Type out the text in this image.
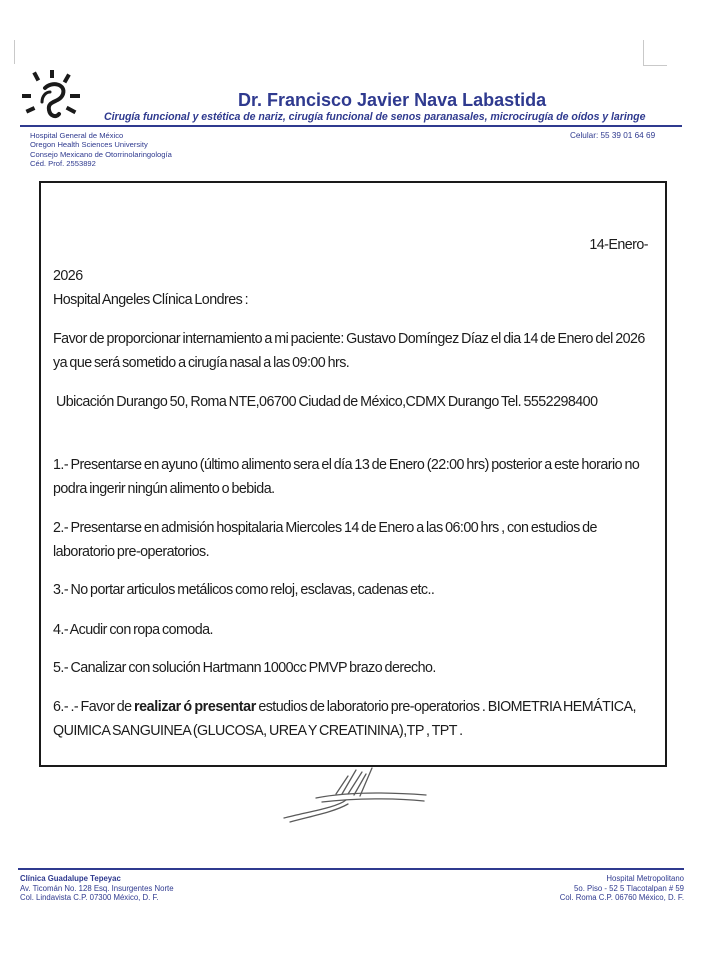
Dr. Francisco Javier Nava Labastida
Cirugía funcional y estética de nariz, cirugía funcional de senos paranasales, microcirugía de oídos y laringe
Hospital General de México
Oregon Health Sciences University
Consejo Mexicano de Otorrinolaringología
Céd. Prof. 2553892
Celular: 55 39 01 64 69
14-Enero-
2026
Hospital Angeles Clínica Londres :
Favor de proporcionar internamiento a mi paciente: Gustavo Domíngez Díaz el dia 14 de Enero del 2026 ya que será sometido a cirugía nasal a las 09:00 hrs.
Ubicación Durango 50, Roma NTE,06700 Ciudad de México,CDMX Durango Tel. 5552298400
1.- Presentarse en ayuno (último alimento sera el día 13 de Enero (22:00 hrs) posterior a este horario no podra ingerir ningún alimento o bebida.
2.- Presentarse en admisión hospitalaria Miercoles 14 de Enero a las 06:00 hrs , con estudios de laboratorio pre-operatorios.
3.- No portar articulos metálicos como reloj, esclavas, cadenas etc..
4.- Acudir con ropa comoda.
5.- Canalizar con solución Hartmann 1000cc PMVP brazo derecho.
6.- .- Favor de realizar ó presentar estudios de laboratorio pre-operatorios . BIOMETRIA HEMÁTICA, QUIMICA SANGUINEA (GLUCOSA, UREA Y CREATININA),TP , TPT .
Clínica Guadalupe Tepeyac
Av. Ticomán No. 128 Esq. Insurgentes Norte
Col. Lindavista C.P. 07300 México, D. F.
Hospital Metropolitano
5o. Piso - 52 5 Tlacotalpan # 59
Col. Roma C.P. 06760 México, D. F.
